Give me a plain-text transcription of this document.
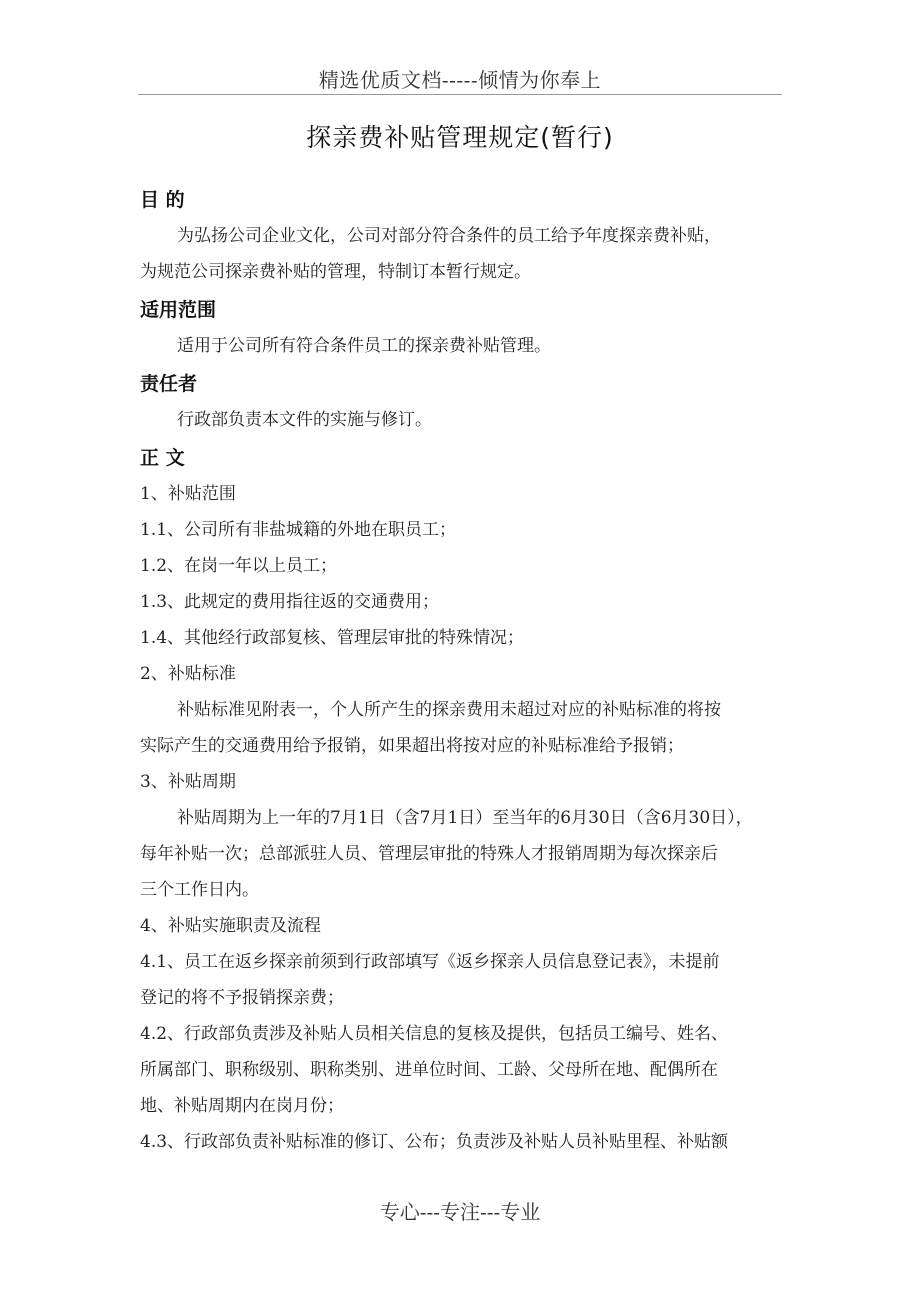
精选优质文档-----倾情为你奉上
探亲费补贴管理规定(暂行)
目 的
为弘扬公司企业文化，公司对部分符合条件的员工给予年度探亲费补贴，
为规范公司探亲费补贴的管理，特制订本暂行规定。
适用范围
适用于公司所有符合条件员工的探亲费补贴管理。
责任者
行政部负责本文件的实施与修订。
正 文
1、补贴范围
1.1、公司所有非盐城籍的外地在职员工；
1.2、在岗一年以上员工；
1.3、此规定的费用指往返的交通费用；
1.4、其他经行政部复核、管理层审批的特殊情况；
2、补贴标准
补贴标准见附表一，个人所产生的探亲费用未超过对应的补贴标准的将按
实际产生的交通费用给予报销，如果超出将按对应的补贴标准给予报销；
3、补贴周期
补贴周期为上一年的7月1日（含7月1日）至当年的6月30日（含6月30日），
每年补贴一次；总部派驻人员、管理层审批的特殊人才报销周期为每次探亲后
三个工作日内。
4、补贴实施职责及流程
4.1、员工在返乡探亲前须到行政部填写《返乡探亲人员信息登记表》，未提前
登记的将不予报销探亲费；
4.2、行政部负责涉及补贴人员相关信息的复核及提供，包括员工编号、姓名、
所属部门、职称级别、职称类别、进单位时间、工龄、父母所在地、配偶所在
地、补贴周期内在岗月份；
4.3、行政部负责补贴标准的修订、公布；负责涉及补贴人员补贴里程、补贴额
专心---专注---专业
